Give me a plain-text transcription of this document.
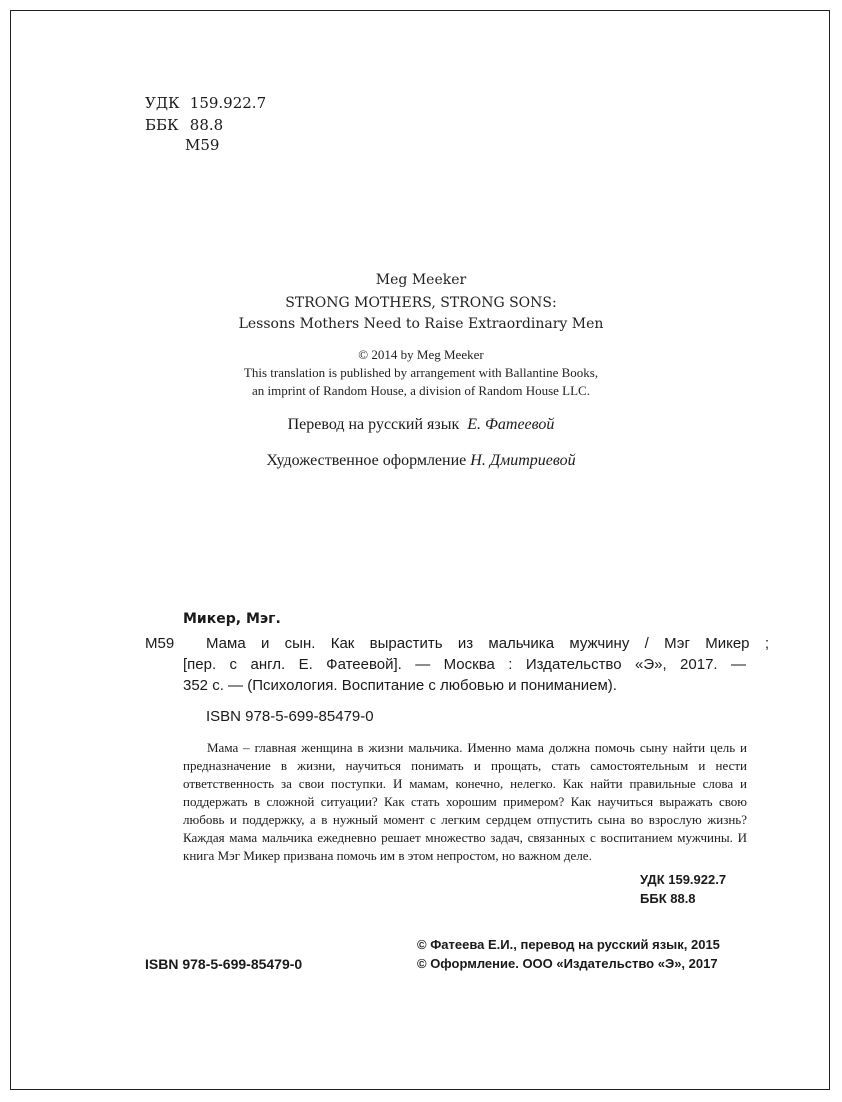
УДК 159.922.7
ББК 88.8
М59
Meg Meeker
STRONG MOTHERS, STRONG SONS:
Lessons Mothers Need to Raise Extraordinary Men
© 2014 by Meg Meeker
This translation is published by arrangement with Ballantine Books,
an imprint of Random House, a division of Random House LLC.
Перевод на русский язык Е. Фатеевой
Художественное оформление Н. Дмитриевой
Микер, Мэг.
М59 Мама и сын. Как вырастить из мальчика мужчину / Мэг Микер ;
[пер. с англ. Е. Фатеевой]. — Москва : Издательство «Э», 2017. —
352 с. — (Психология. Воспитание с любовью и пониманием).
ISBN 978-5-699-85479-0

Мама – главная женщина в жизни мальчика. Именно мама должна помочь сыну найти цель и предназначение в жизни, научиться понимать и прощать, стать самостоятельным и нести ответственность за свои поступки. И мамам, конечно, нелегко. Как найти правильные слова и поддержать в сложной ситуации? Как стать хорошим примером? Как научиться выражать свою любовь и поддержку, а в нужный момент с легким сердцем отпустить сына во взрослую жизнь? Каждая мама мальчика ежедневно решает множество задач, связанных с воспитанием мужчины. И книга Мэг Микер призвана помочь им в этом непростом, но важном деле.

УДК 159.922.7
ББК 88.8
ISBN 978-5-699-85479-0
© Фатеева Е.И., перевод на русский язык, 2015
© Оформление. ООО «Издательство «Э», 2017
